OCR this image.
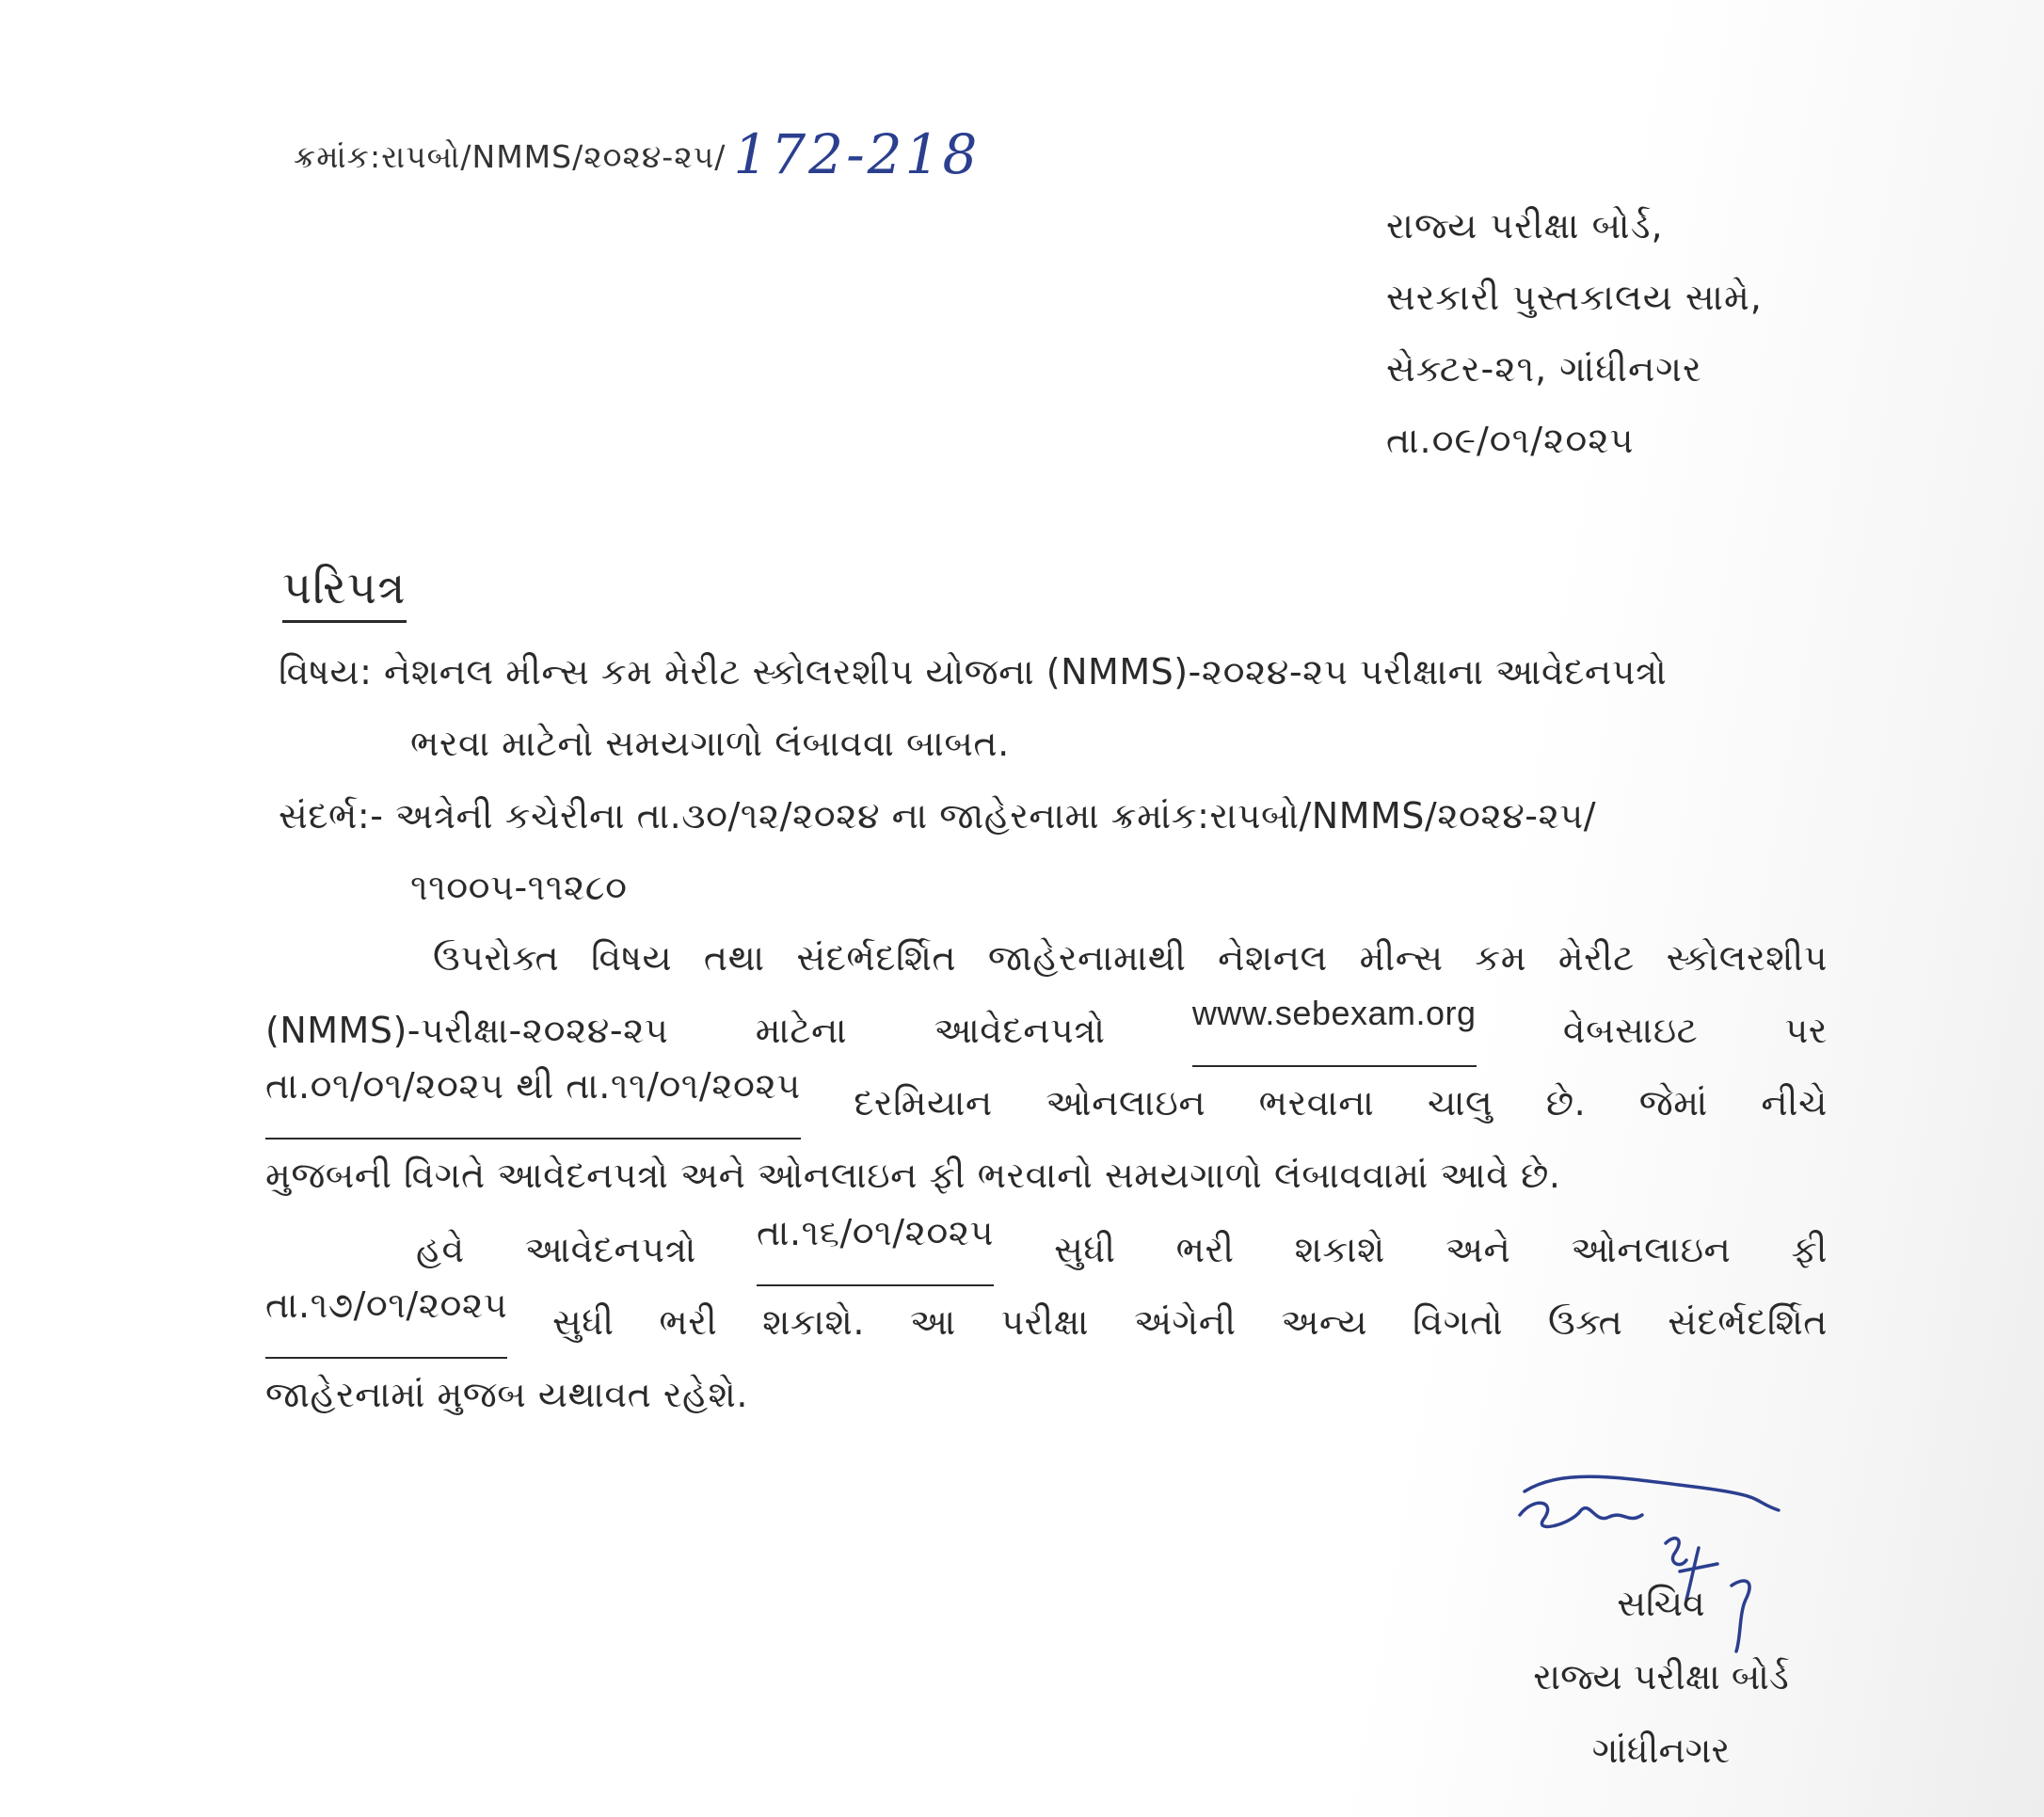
ક્રમાંક:રાપબો/NMMS/૨૦૨૪-૨૫/ 172-218
રાજ્ય પરીક્ષા બોર્ડ,
સરકારી પુસ્તકાલય સામે,
સેક્ટર-૨૧, ગાંધીનગર
તા.૦૯/૦૧/૨૦૨૫
પરિપત્ર
વિષય: નેશનલ મીન્સ કમ મેરીટ સ્કોલરશીપ યોજના (NMMS)-૨૦૨૪-૨૫ પરીક્ષાના આવેદનપત્રો
ભરવા માટેનો સમયગાળો લંબાવવા બાબત.
સંદર્ભ:- અત્રેની કચેરીના તા.૩૦/૧૨/૨૦૨૪ ના જાહેરનામા ક્રમાંક:રાપબો/NMMS/૨૦૨૪-૨૫/
૧૧૦૦૫-૧૧૨૮૦
ઉપરોક્ત વિષય તથા સંદર્ભદર્શિત જાહેરનામાથી નેશનલ મીન્સ કમ મેરીટ સ્કોલરશીપ
(NMMS)-પરીક્ષા-૨૦૨૪-૨૫ માટેના આવેદનપત્રો	www.sebexam.org વેબસાઇટ પર
તા.૦૧/૦૧/૨૦૨૫ થી તા.૧૧/૦૧/૨૦૨૫ દરમિયાન ઓનલાઇન ભરવાના ચાલુ છે. જેમાં નીચે
મુજબની વિગતે આવેદનપત્રો અને ઓનલાઇન ફી ભરવાનો સમયગાળો લંબાવવામાં આવે છે.
હવે આવેદનપત્રો તા.૧૬/૦૧/૨૦૨૫ સુધી ભરી શકાશે અને ઓનલાઇન ફી
તા.૧૭/૦૧/૨૦૨૫ સુધી ભરી શકાશે. આ પરીક્ષા અંગેની અન્ય વિગતો ઉક્ત સંદર્ભદર્શિત
જાહેરનામાં મુજબ યથાવત રહેશે.
સચિવ
રાજ્ય પરીક્ષા બોર્ડ
ગાંધીનગર
